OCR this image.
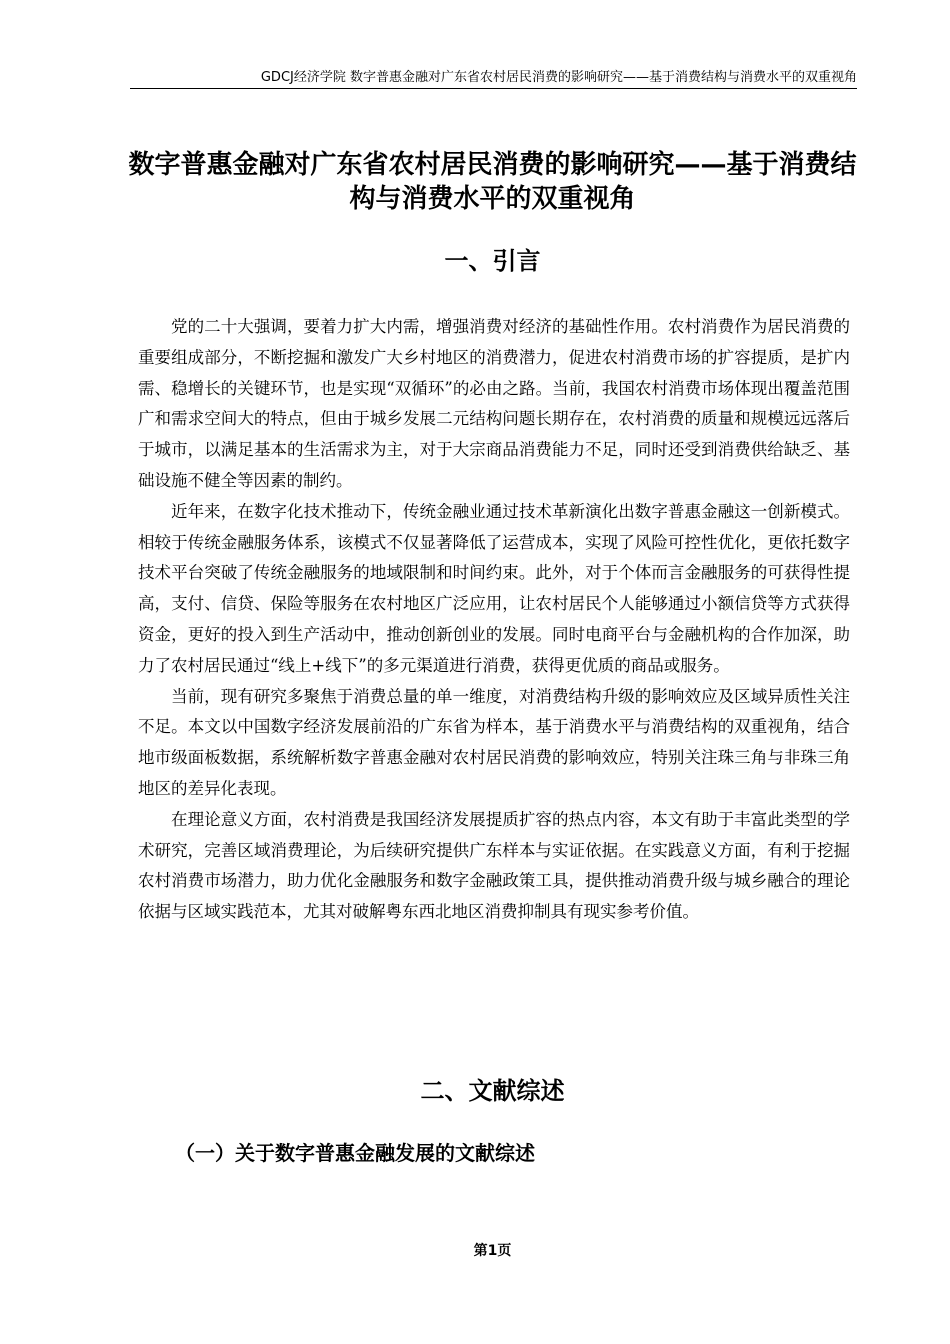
GDCJ经济学院 数字普惠金融对广东省农村居民消费的影响研究——基于消费结构与消费水平的双重视角
数字普惠金融对广东省农村居民消费的影响研究——基于消费结构与消费水平的双重视角
一、引言

党的二十大强调，要着力扩大内需，增强消费对经济的基础性作用。农村消费作为居民消费的重要组成部分，不断挖掘和激发广大乡村地区的消费潜力，促进农村消费市场的扩容提质，是扩内需、稳增长的关键环节，也是实现“双循环”的必由之路。当前，我国农村消费市场体现出覆盖范围广和需求空间大的特点，但由于城乡发展二元结构问题长期存在，农村消费的质量和规模远远落后于城市，以满足基本的生活需求为主，对于大宗商品消费能力不足，同时还受到消费供给缺乏、基础设施不健全等因素的制约。

近年来，在数字化技术推动下，传统金融业通过技术革新演化出数字普惠金融这一创新模式。相较于传统金融服务体系，该模式不仅显著降低了运营成本，实现了风险可控性优化，更依托数字技术平台突破了传统金融服务的地域限制和时间约束。此外，对于个体而言金融服务的可获得性提高，支付、信贷、保险等服务在农村地区广泛应用，让农村居民个人能够通过小额信贷等方式获得资金，更好的投入到生产活动中，推动创新创业的发展。同时电商平台与金融机构的合作加深，助力了农村居民通过“线上+线下”的多元渠道进行消费，获得更优质的商品或服务。

当前，现有研究多聚焦于消费总量的单一维度，对消费结构升级的影响效应及区域异质性关注不足。本文以中国数字经济发展前沿的广东省为样本，基于消费水平与消费结构的双重视角，结合地市级面板数据，系统解析数字普惠金融对农村居民消费的影响效应，特别关注珠三角与非珠三角地区的差异化表现。

在理论意义方面，农村消费是我国经济发展提质扩容的热点内容，本文有助于丰富此类型的学术研究，完善区域消费理论，为后续研究提供广东样本与实证依据。在实践意义方面，有利于挖掘农村消费市场潜力，助力优化金融服务和数字金融政策工具，提供推动消费升级与城乡融合的理论依据与区域实践范本，尤其对破解粤东西北地区消费抑制具有现实参考价值。

二、文献综述
（一）关于数字普惠金融发展的文献综述
第1页
